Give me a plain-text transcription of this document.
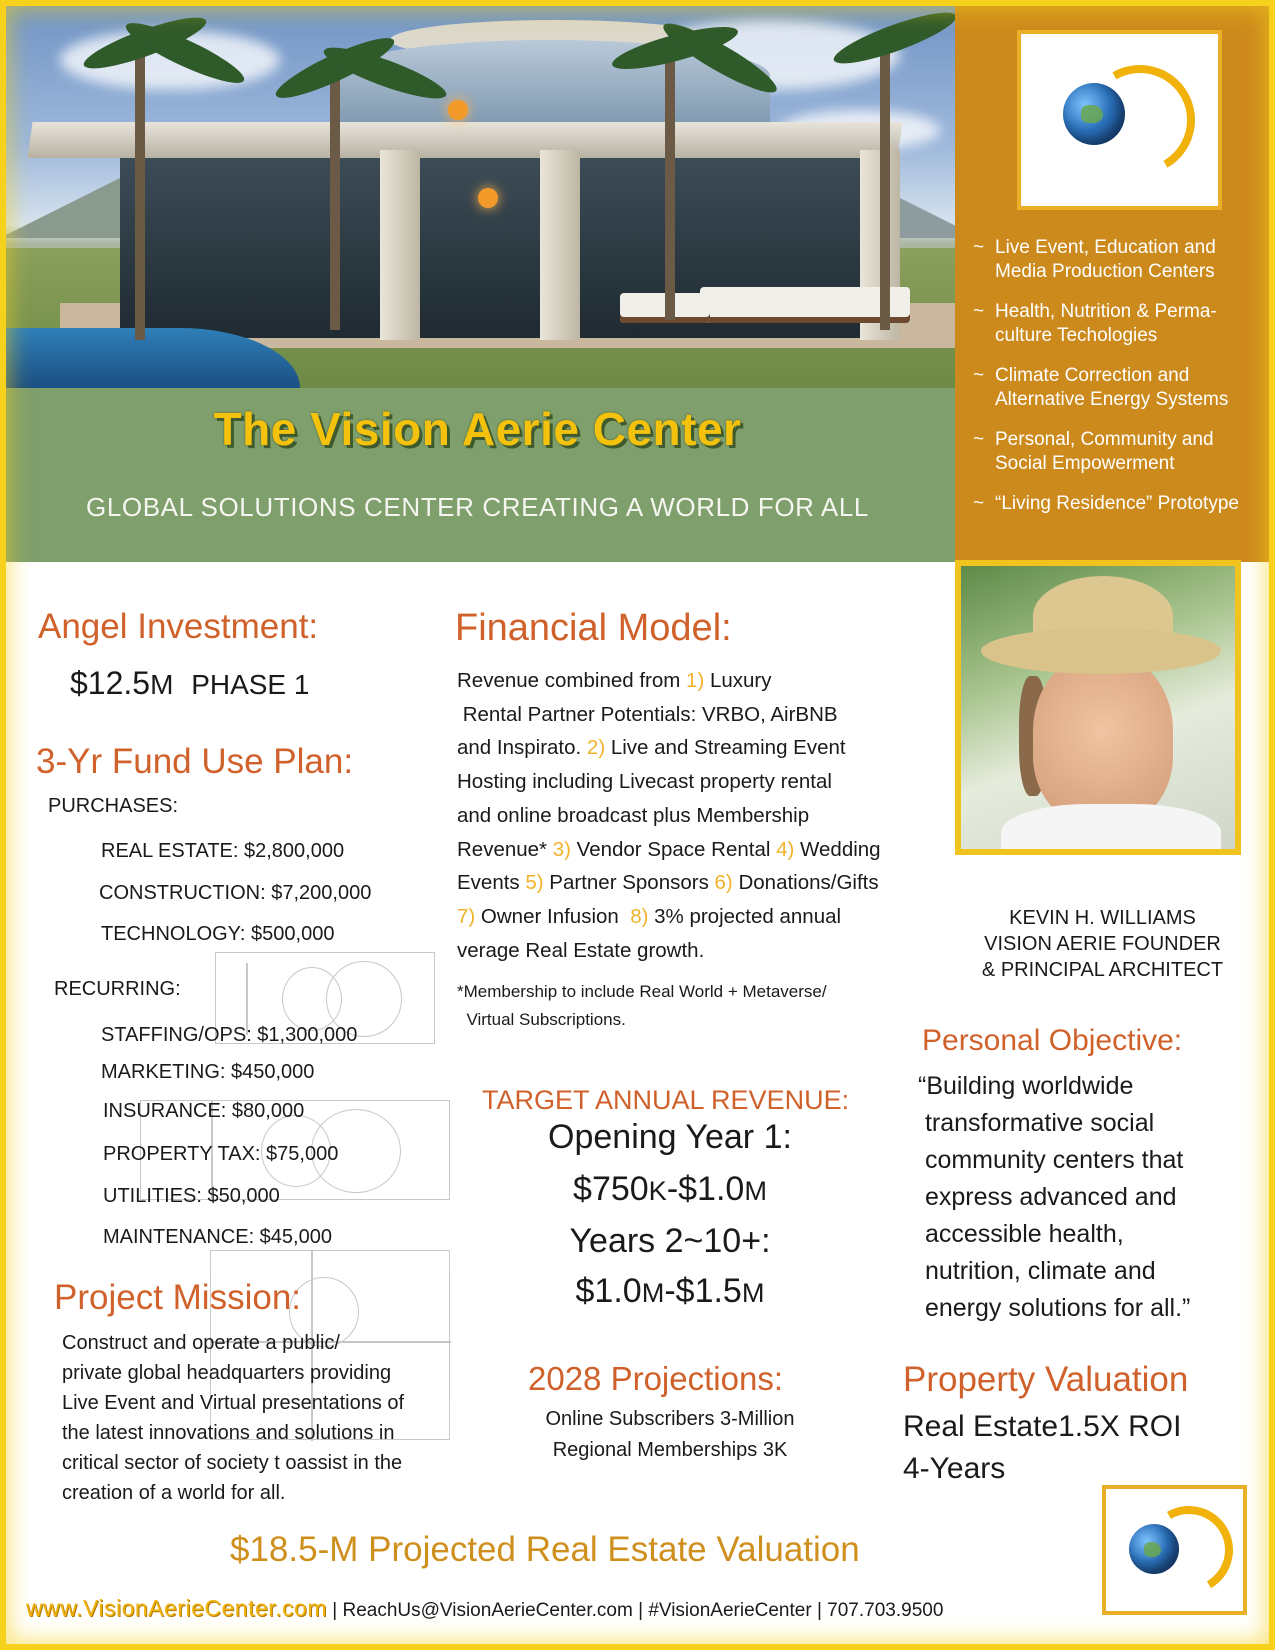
The Vision Aerie Center
GLOBAL SOLUTIONS CENTER CREATING A WORLD FOR ALL
~ Live Event, Education and
Media Production Centers
~ Health, Nutrition & Perma-
culture Techologies
~ Climate Correction and
Alternative Energy Systems
~ Personal, Community and
Social Empowerment
~ “Living Residence” Prototype
Angel Investment:
$12.5M PHASE 1
3-Yr Fund Use Plan:
PURCHASES:
REAL ESTATE: $2,800,000
CONSTRUCTION: $7,200,000
TECHNOLOGY: $500,000
RECURRING:
STAFFING/OPS: $1,300,000
MARKETING: $450,000
INSURANCE: $80,000
PROPERTY TAX: $75,000
UTILITIES: $50,000
MAINTENANCE: $45,000
Project Mission:
Construct and operate a public/
private global headquarters providing
Live Event and Virtual presentations of
the latest innovations and solutions in
critical sector of society t oassist in the
creation of a world for all.
Financial Model:
Revenue combined from 1) Luxury
Rental Partner Potentials: VRBO, AirBNB
and Inspirato. 2) Live and Streaming Event
Hosting including Livecast property rental
and online broadcast plus Membership
Revenue* 3) Vendor Space Rental 4) Wedding
Events 5) Partner Sponsors 6) Donations/Gifts
7) Owner Infusion  8) 3% projected annual
verage Real Estate growth.
*Membership to include Real World + Metaverse/
Virtual Subscriptions.
TARGET ANNUAL REVENUE:
Opening Year 1:
$750K-$1.0M
Years 2~10+:
$1.0M-$1.5M
2028 Projections:
Online Subscribers 3-Million
Regional Memberships 3K
KEVIN H. WILLIAMS
VISION AERIE FOUNDER
& PRINCIPAL ARCHITECT
Personal Objective:
“Building worldwide
transformative social
community centers that
express advanced and
accessible health,
nutrition, climate and
energy solutions for all.”
Property Valuation
Real Estate1.5X ROI
4-Years
$18.5-M Projected Real Estate Valuation
www.VisionAerieCenter.com | ReachUs@VisionAerieCenter.com | #VisionAerieCenter | 707.703.9500
